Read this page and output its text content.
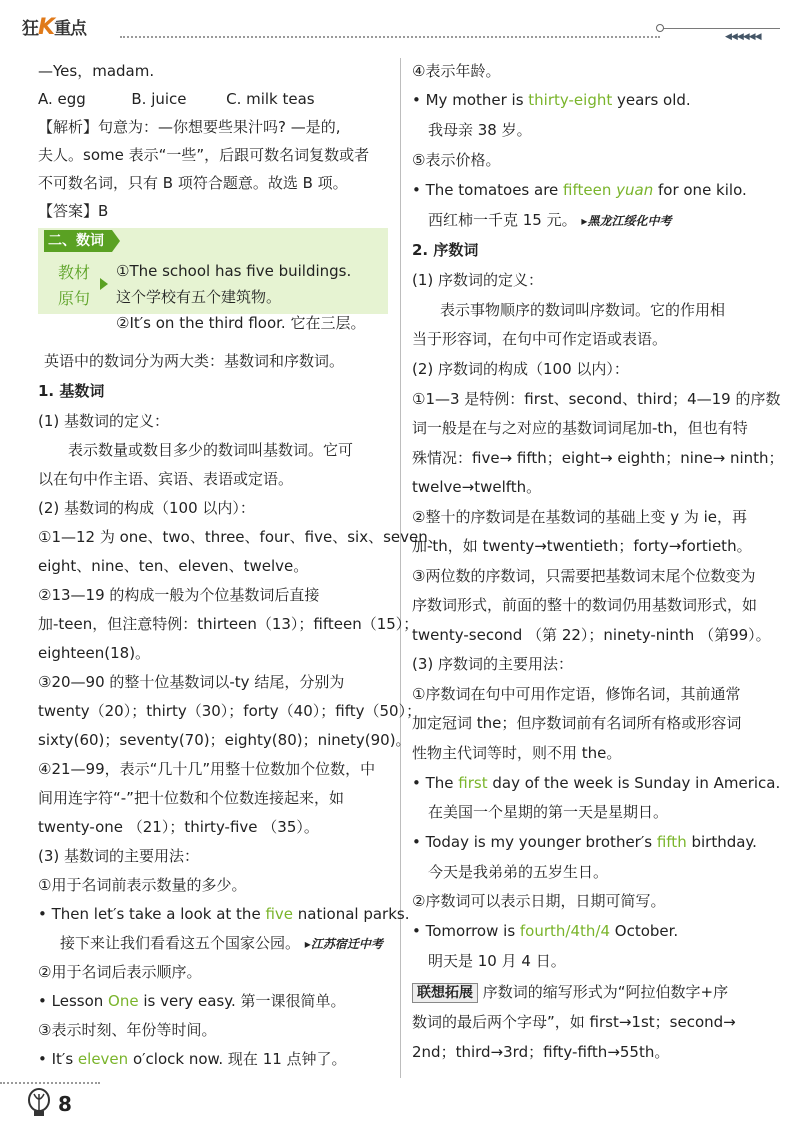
狂K重点	◀◀◀◀◀◀
—Yes，madam.
A. egg	B. juice	C. milk teas
【解析】句意为：—你想要些果汁吗? —是的,
夫人。some 表示“一些”，后跟可数名词复数或者
不可数名词，只有 B 项符合题意。故选 B 项。
【答案】B
二、数词
教材
原句
①The school has five buildings.
这个学校有五个建筑物。
②It′s on the third floor. 它在三层。
英语中的数词分为两大类：基数词和序数词。
1. 基数词
(1) 基数词的定义：
表示数量或数目多少的数词叫基数词。它可
以在句中作主语、宾语、表语或定语。
(2) 基数词的构成（100 以内）：
①1—12 为 one、two、three、four、five、six、seven、
eight、nine、ten、eleven、twelve。
②13—19 的构成一般为个位基数词后直接
加-teen，但注意特例：thirteen（13）；fifteen（15）；
eighteen(18)。
③20—90 的整十位基数词以-ty 结尾，分别为
twenty（20）；thirty（30）；forty（40）；fifty（50）；
sixty(60)；seventy(70)；eighty(80)；ninety(90)。
④21—99，表示“几十几”用整十位数加个位数，中
间用连字符“-”把十位数和个位数连接起来，如
twenty-one （21）；thirty-five （35）。
(3) 基数词的主要用法：
①用于名词前表示数量的多少。
• Then let′s take a look at the five national parks.
接下来让我们看看这五个国家公园。 ▸江苏宿迁中考
②用于名词后表示顺序。
• Lesson One is very easy. 第一课很简单。
③表示时刻、年份等时间。
• It′s eleven o′clock now. 现在 11 点钟了。
④表示年龄。
• My mother is thirty-eight years old.
我母亲 38 岁。
⑤表示价格。
• The tomatoes are fifteen yuan for one kilo.
西红柿一千克 15 元。 ▸黑龙江绥化中考
2. 序数词
(1) 序数词的定义：
表示事物顺序的数词叫序数词。它的作用相
当于形容词，在句中可作定语或表语。
(2) 序数词的构成（100 以内）：
①1—3 是特例：first、second、third；4—19 的序数
词一般是在与之对应的基数词词尾加-th，但也有特
殊情况：five→ fifth；eight→ eighth；nine→ ninth；
twelve→twelfth。
②整十的序数词是在基数词的基础上变 y 为 ie，再
加-th，如 twenty→twentieth；forty→fortieth。
③两位数的序数词，只需要把基数词末尾个位数变为
序数词形式，前面的整十的数词仍用基数词形式，如
twenty-second （第 22）；ninety-ninth （第99）。
(3) 序数词的主要用法：
①序数词在句中可用作定语，修饰名词，其前通常
加定冠词 the；但序数词前有名词所有格或形容词
性物主代词等时，则不用 the。
• The first day of the week is Sunday in America.
在美国一个星期的第一天是星期日。
• Today is my younger brother′s fifth birthday.
今天是我弟弟的五岁生日。
②序数词可以表示日期，日期可简写。
• Tomorrow is fourth/4th/4 October.
明天是 10 月 4 日。
联想拓展 序数词的缩写形式为“阿拉伯数字+序
数词的最后两个字母”，如 first→1st；second→
2nd；third→3rd；fifty-fifth→55th。
8
